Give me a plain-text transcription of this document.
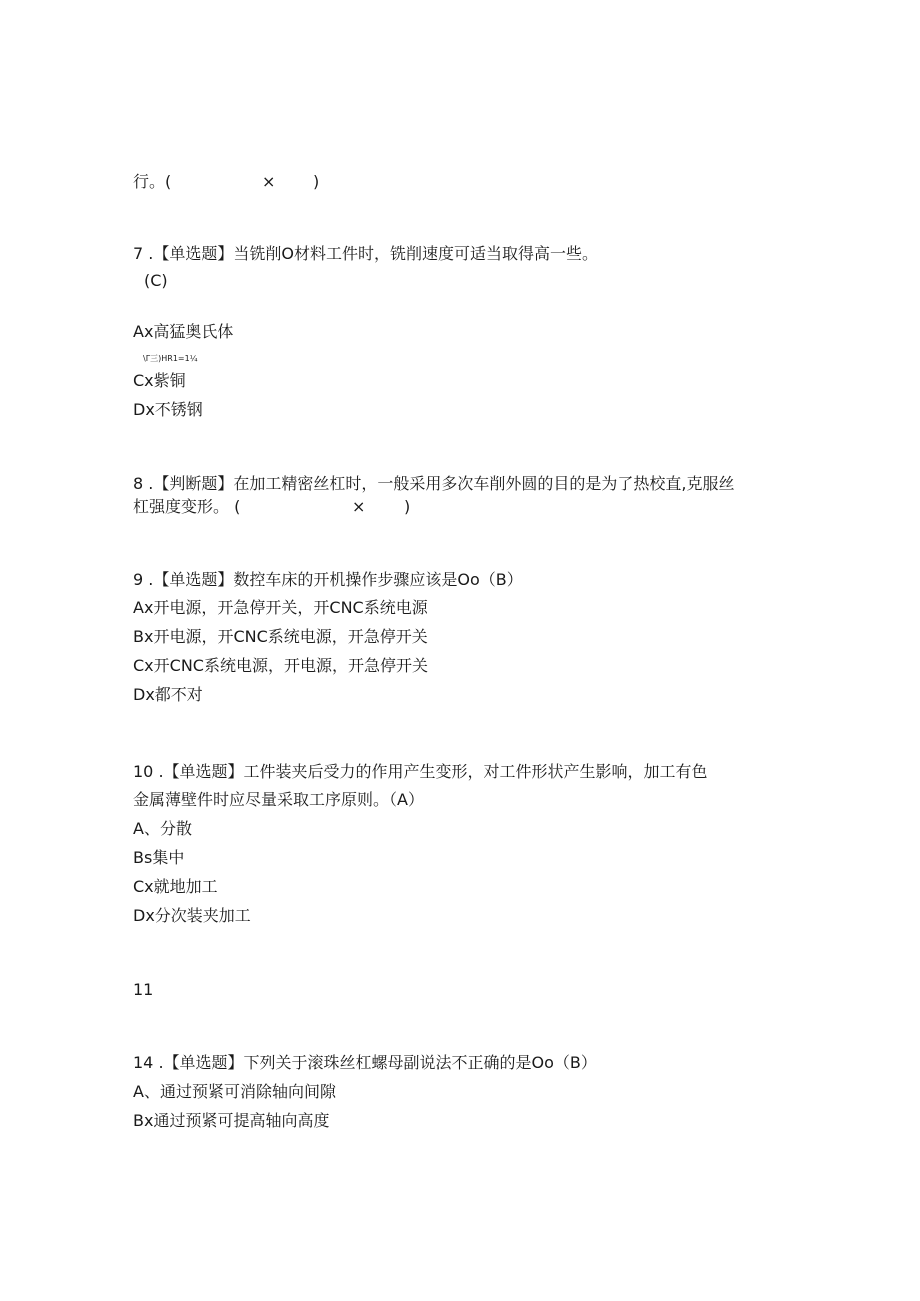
行。(	× )
7 .【单选题】当铣削O材料工件时，铣削速度可适当取得高一些。
(C)
Ax高猛奥氏体
\Γ三)HR1=1¼
Cx紫铜
Dx不锈钢
8 .【判断题】在加工精密丝杠时，一般采用多次车削外圆的目的是为了热校直,克服丝
杠强度变形。 (	× )
9 .【单选题】数控车床的开机操作步骤应该是Oo（B）
Ax开电源，开急停开关，开CNC系统电源
Bx开电源，开CNC系统电源，开急停开关
Cx开CNC系统电源，开电源，开急停开关
Dx都不对
10 .【单选题】工件装夹后受力的作用产生变形，对工件形状产生影响，加工有色
金属薄壁件时应尽量采取工序原则。（A）
A、分散
Bs集中
Cx就地加工
Dx分次装夹加工
11
14 .【单选题】下列关于滚珠丝杠螺母副说法不正确的是Oo（B）
A、通过预紧可消除轴向间隙
Bx通过预紧可提高轴向高度
